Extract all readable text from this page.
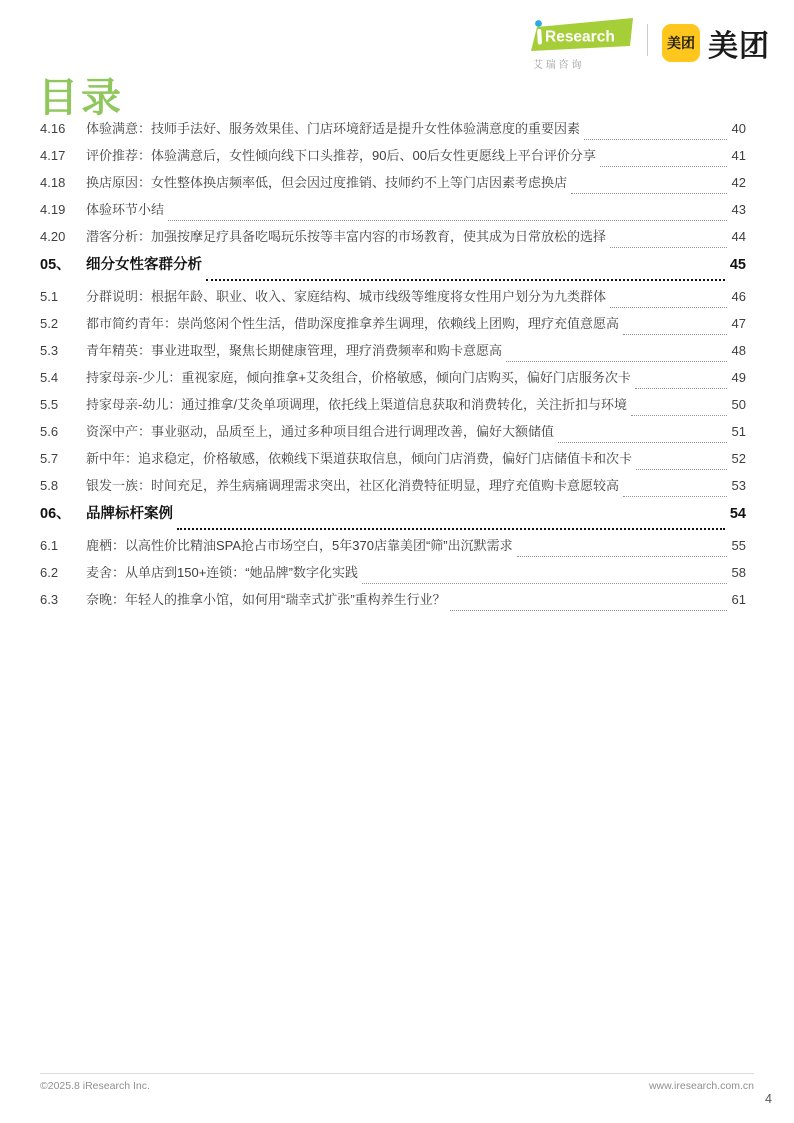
Research
艾 瑞 咨 询
美团 美团
目录
4.16	体验满意：技师手法好、服务效果佳、门店环境舒适是提升女性体验满意度的重要因素	40
4.17	评价推荐：体验满意后，女性倾向线下口头推荐，90后、00后女性更愿线上平台评价分享	41
4.18	换店原因：女性整体换店频率低，但会因过度推销、技师约不上等门店因素考虑换店	42
4.19	体验环节小结	43
4.20	潜客分析：加强按摩足疗具备吃喝玩乐按等丰富内容的市场教育，使其成为日常放松的选择	44
05、	细分女性客群分析	45
5.1	分群说明：根据年龄、职业、收入、家庭结构、城市线级等维度将女性用户划分为九类群体	46
5.2	都市简约青年：崇尚悠闲个性生活，借助深度推拿养生调理，依赖线上团购，理疗充值意愿高	47
5.3	青年精英：事业进取型，聚焦长期健康管理，理疗消费频率和购卡意愿高	48
5.4	持家母亲-少儿：重视家庭，倾向推拿+艾灸组合，价格敏感，倾向门店购买，偏好门店服务次卡	49
5.5	持家母亲-幼儿：通过推拿/艾灸单项调理，依托线上渠道信息获取和消费转化，关注折扣与环境	50
5.6	资深中产：事业驱动，品质至上，通过多种项目组合进行调理改善，偏好大额储值	51
5.7	新中年：追求稳定，价格敏感，依赖线下渠道获取信息，倾向门店消费，偏好门店储值卡和次卡	52
5.8	银发一族：时间充足，养生病痛调理需求突出，社区化消费特征明显，理疗充值购卡意愿较高	53
06、	品牌标杆案例	54
6.1	鹿栖：以高性价比精油SPA抢占市场空白，5年370店靠美团“筛”出沉默需求	55
6.2	麦舍：从单店到150+连锁：“她品牌”数字化实践	58
6.3	奈晚：年轻人的推拿小馆，如何用“瑞幸式扩张”重构养生行业？	61
©2025.8 iResearch Inc.	www.iresearch.com.cn
4
